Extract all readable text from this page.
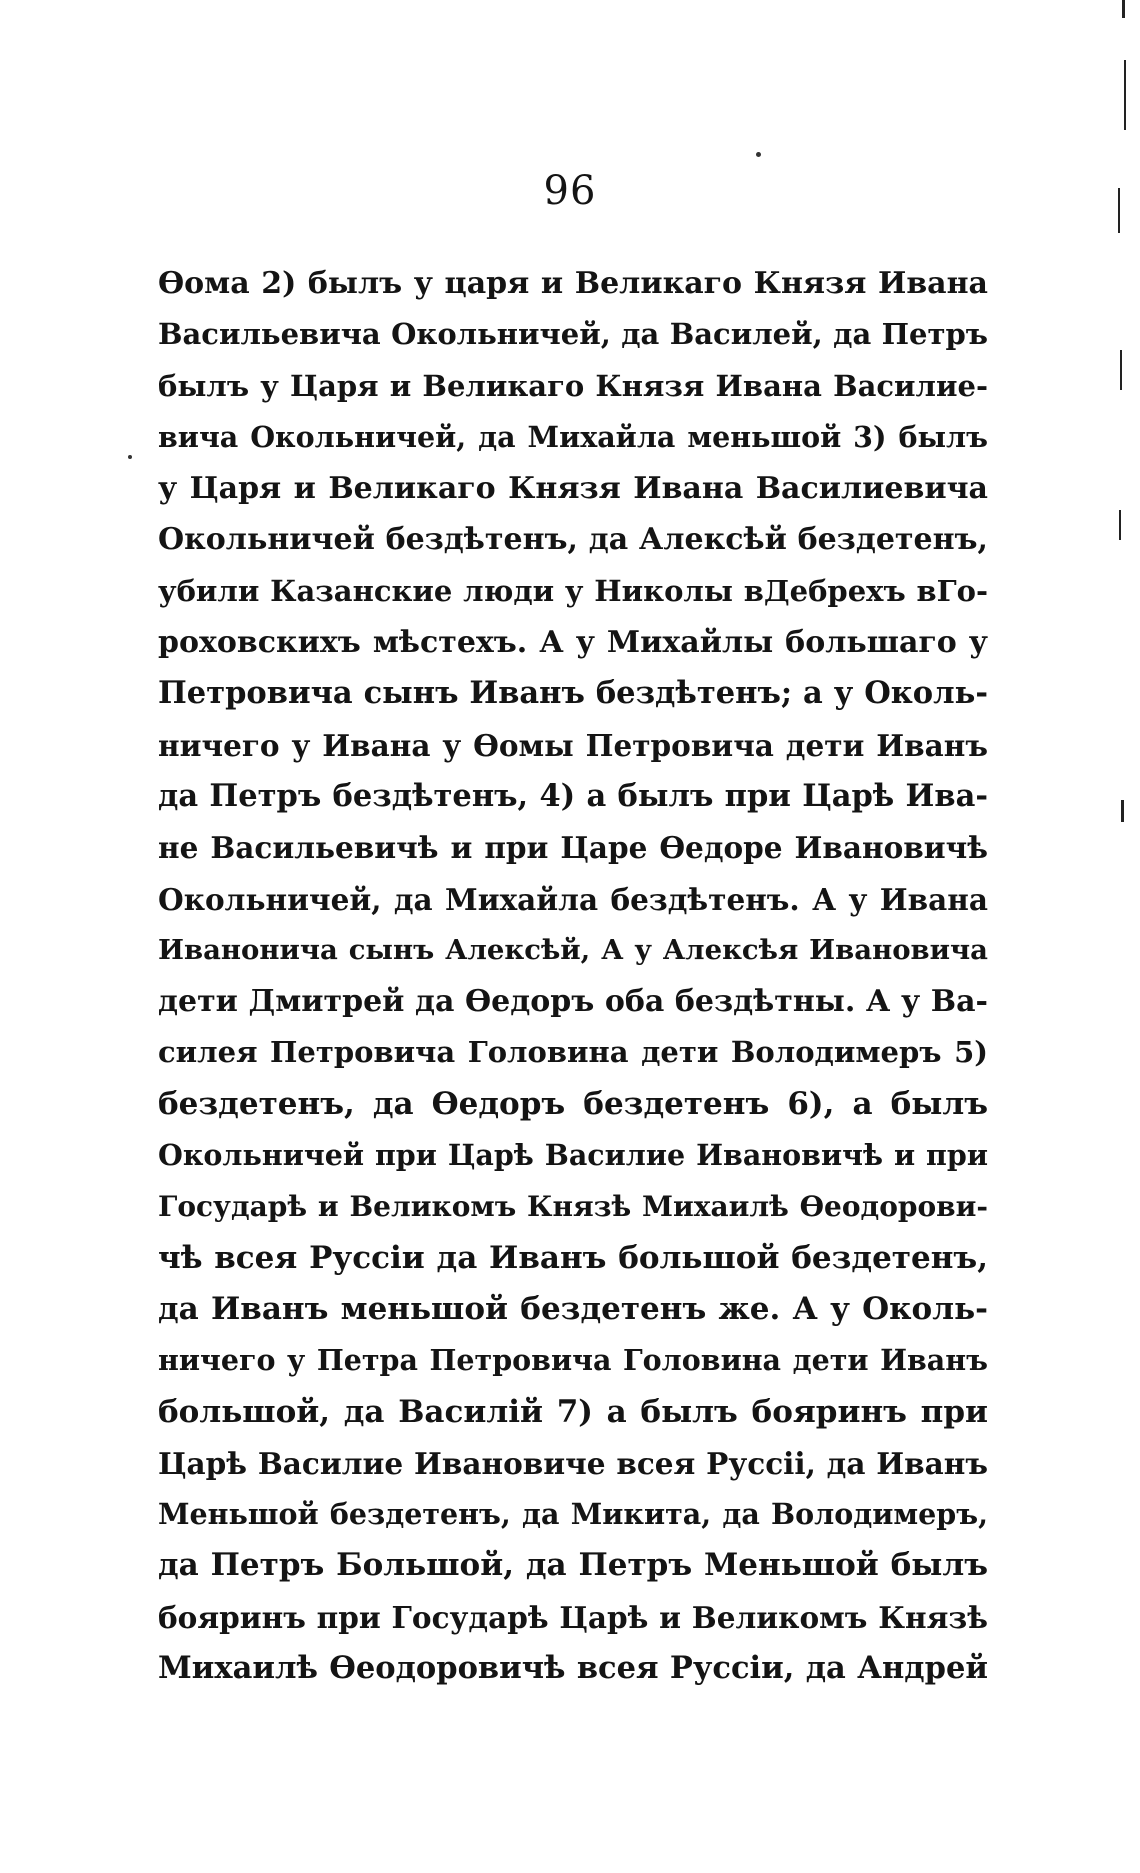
96
Ѳома 2) былъ у царя и Великаго Князя Ивана
Васильевича Окольничей, да Василей, да Петръ
былъ у Царя и Великаго Князя Ивана Василие-
вича Окольничей, да Михайла меньшой 3) былъ
у Царя и Великаго Князя Ивана Василиевича
Окольничей бездѣтенъ, да Алексѣй бездетенъ,
убили Казанские люди у Николы вДебрехъ вГо-
роховскихъ мѣстехъ. А у Михайлы большаго у
Петровича сынъ Иванъ бездѣтенъ; а у Околь-
ничего у Ивана у Ѳомы Петровича дети Иванъ
да Петръ бездѣтенъ, 4) а былъ при Царѣ Ива-
не Васильевичѣ и при Царе Ѳедоре Ивановичѣ
Окольничей, да Михайла бездѣтенъ. А у Ивана
Иванонича сынъ Алексѣй, А у Алексѣя Ивановича
дети Дмитрей да Ѳедоръ оба бездѣтны. А у Ва-
силея Петровича Головина дети Володимеръ 5)
бездетенъ, да Ѳедоръ бездетенъ 6), а былъ
Окольничей при Царѣ Василие Ивановичѣ и при
Государѣ и Великомъ Князѣ Михаилѣ Ѳеодорови-
чѣ всея Руссіи да Иванъ большой бездетенъ,
да Иванъ меньшой бездетенъ же. А у Околь-
ничего у Петра Петровича Головина дети Иванъ
большой, да Василій 7) а былъ бояринъ при
Царѣ Василие Ивановиче всея Руссіі, да Иванъ
Меньшой бездетенъ, да Микита, да Володимеръ,
да Петръ Большой, да Петръ Меньшой былъ
бояринъ при Государѣ Царѣ и Великомъ Князѣ
Михаилѣ Ѳеодоровичѣ всея Руссіи, да Андрей
